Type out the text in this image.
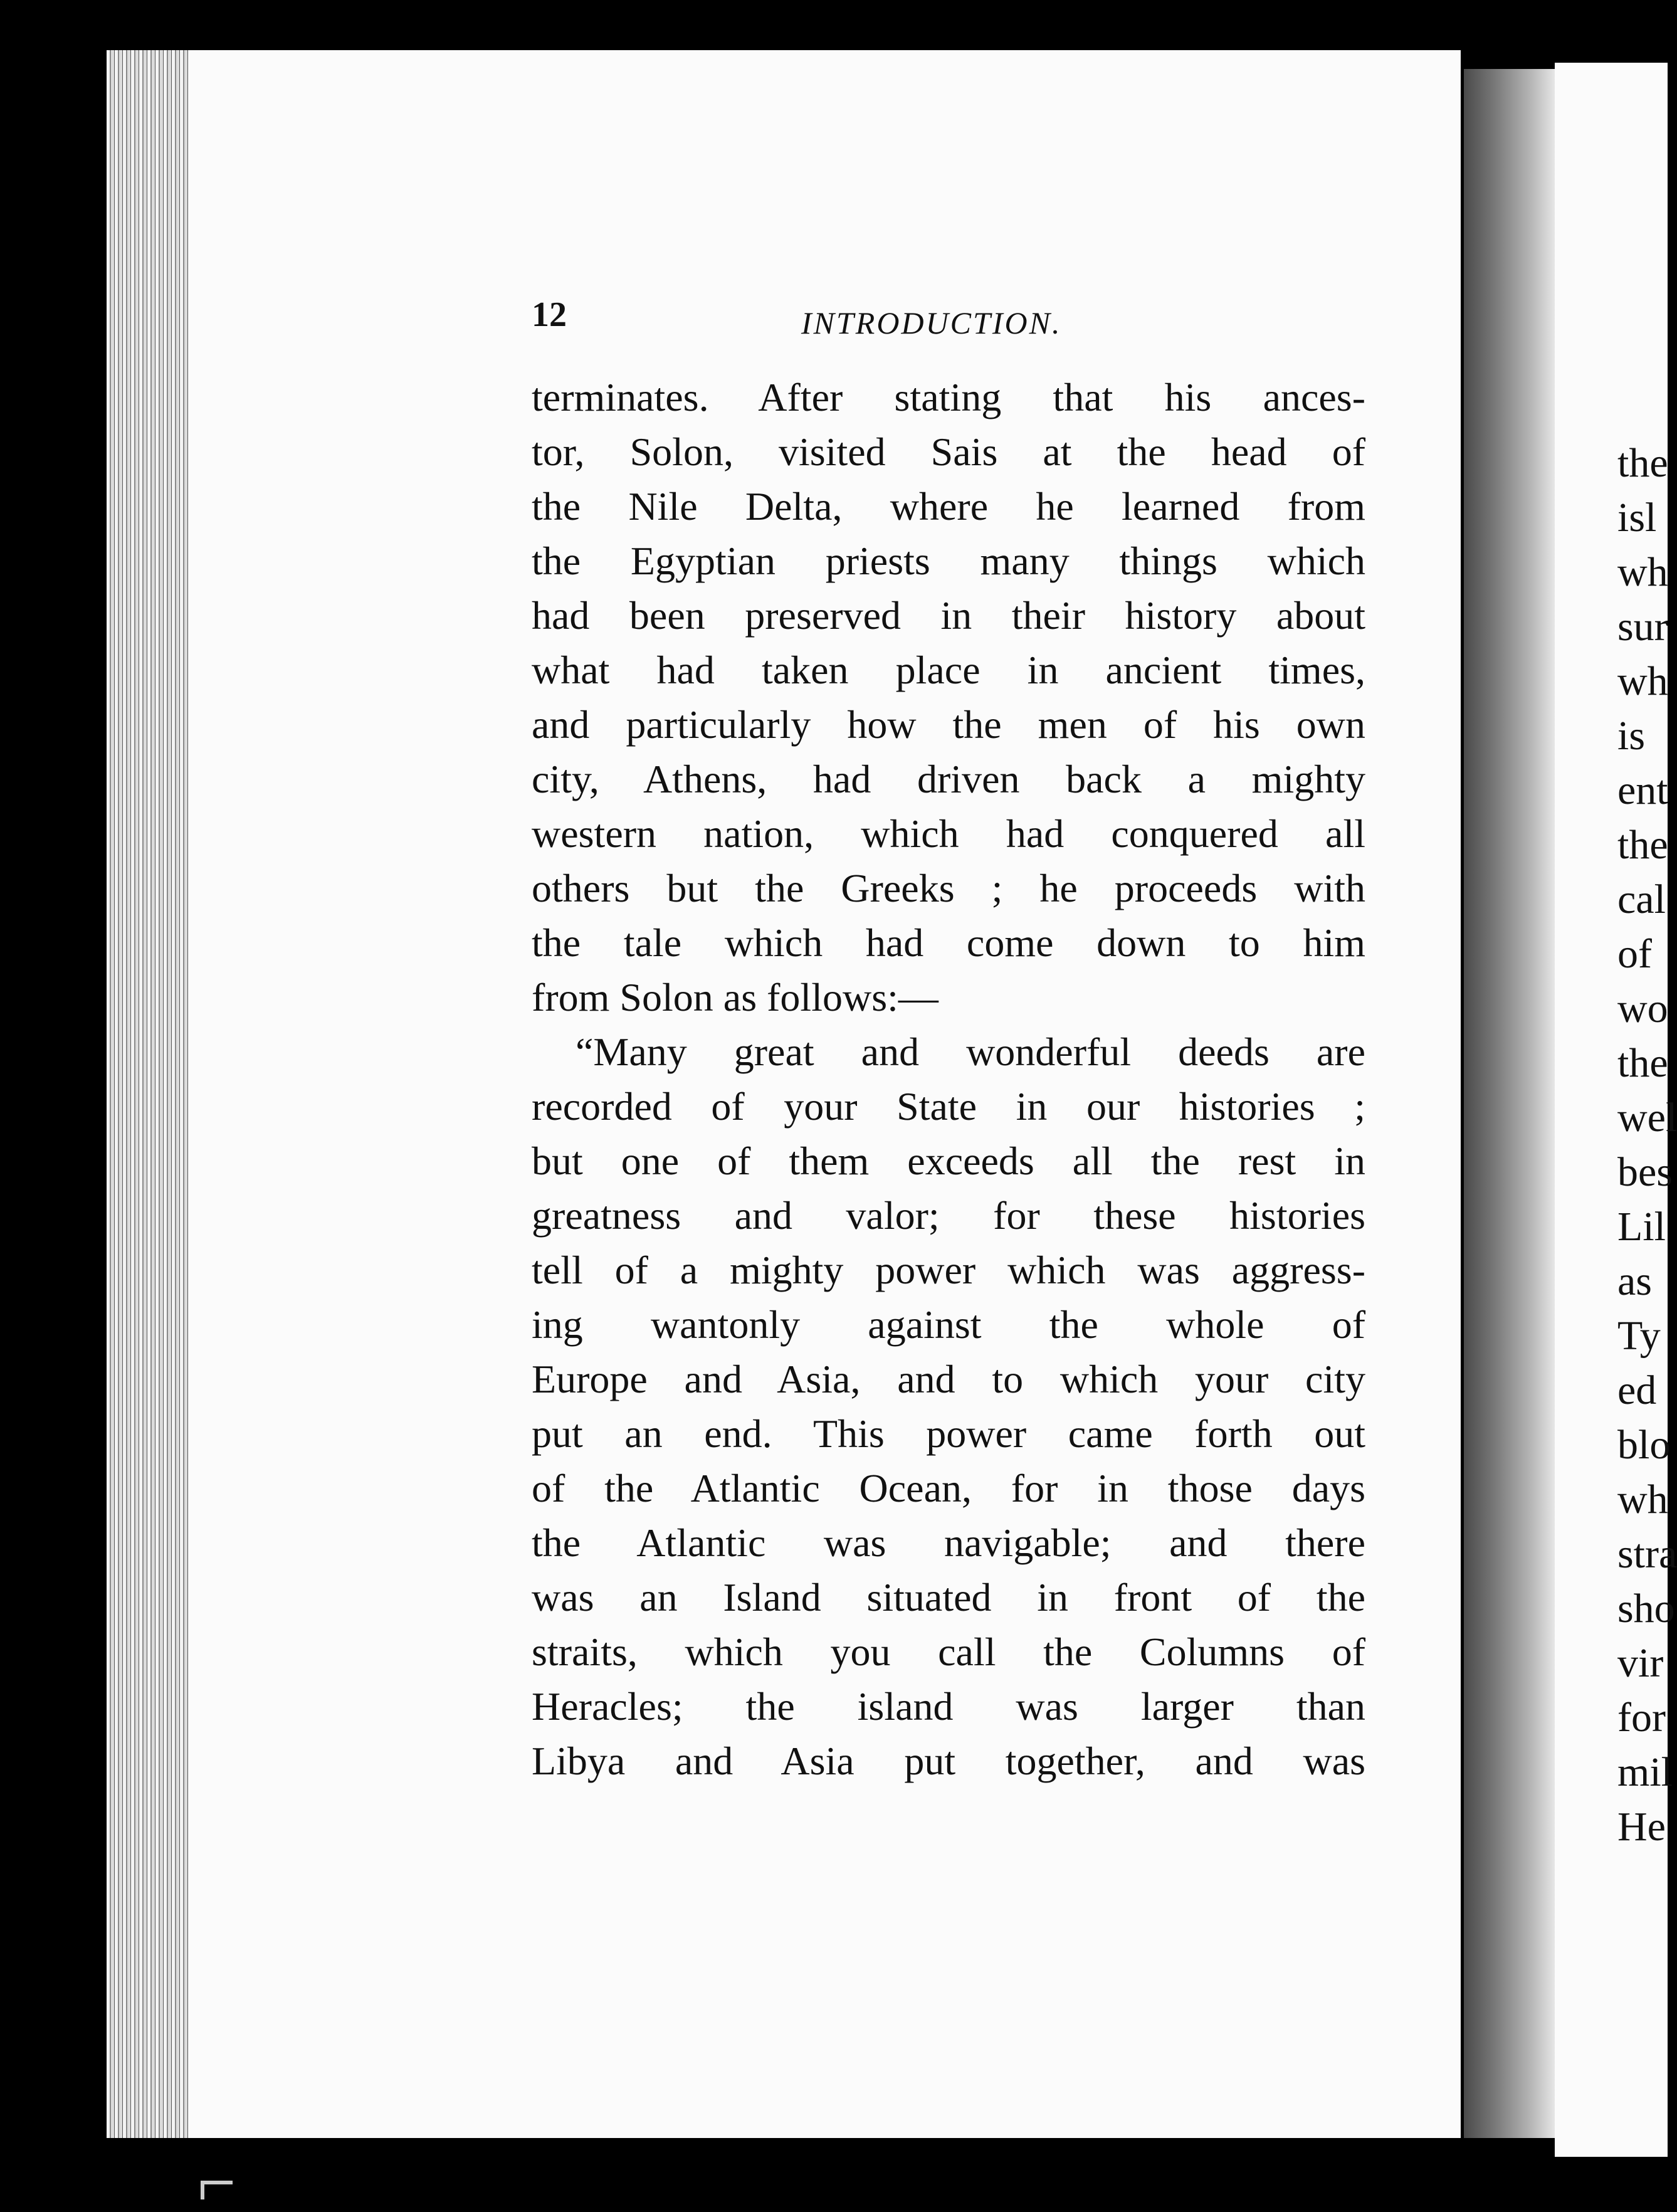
the
isl
wh
sur
wh
is
ent
the
cal
of
wo
the
wel
bes
Lil
as
Ty
ed
blo
wh
stra
sho
vir
for
mil
He
12	INTRODUCTION.
terminates. After stating that his ances-
tor, Solon, visited Sais at the head of
the Nile Delta, where he learned from
the Egyptian priests many things which
had been preserved in their history about
what had taken place in ancient times,
and particularly how the men of his own
city, Athens, had driven back a mighty
western nation, which had conquered all
others but the Greeks ; he proceeds with
the tale which had come down to him
from Solon as follows:—
“Many great and wonderful deeds are
recorded of your State in our histories ;
but one of them exceeds all the rest in
greatness and valor; for these histories
tell of a mighty power which was aggress-
ing wantonly against the whole of
Europe and Asia, and to which your city
put an end. This power came forth out
of the Atlantic Ocean, for in those days
the Atlantic was navigable; and there
was an Island situated in front of the
straits, which you call the Columns of
Heracles; the island was larger than
Libya and Asia put together, and was
